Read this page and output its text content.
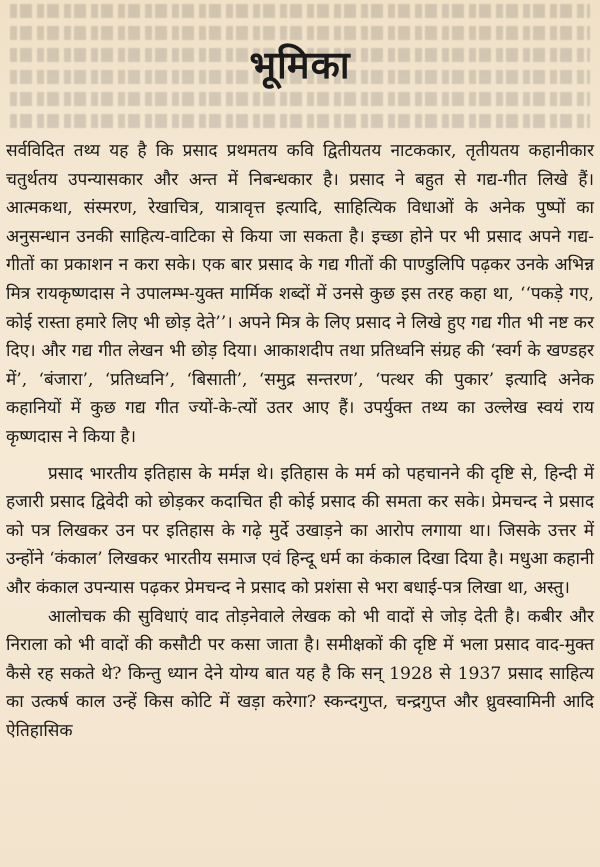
भूमिका

सर्वविदित तथ्य यह है कि प्रसाद प्रथमतय कवि द्वितीयतय नाटककार, तृतीयतय कहानीकार चतुर्थतय उपन्यासकार और अन्त में निबन्धकार है। प्रसाद ने बहुत से गद्य-गीत लिखे हैं। आत्मकथा, संस्मरण, रेखाचित्र, यात्रावृत्त इत्यादि, साहित्यिक विधाओं के अनेक पुष्पों का अनुसन्धान उनकी साहित्य-वाटिका से किया जा सकता है। इच्छा होने पर भी प्रसाद अपने गद्य-गीतों का प्रकाशन न करा सके। एक बार प्रसाद के गद्य गीतों की पाण्डुलिपि पढ़कर उनके अभिन्न मित्र रायकृष्णदास ने उपालम्भ-युक्त मार्मिक शब्दों में उनसे कुछ इस तरह कहा था, ‘‘पकड़े गए, कोई रास्ता हमारे लिए भी छोड़ देते’’। अपने मित्र के लिए प्रसाद ने लिखे हुए गद्य गीत भी नष्ट कर दिए। और गद्य गीत लेखन भी छोड़ दिया। आकाशदीप तथा प्रतिध्वनि संग्रह की ‘स्वर्ग के खण्डहर में’, ‘बंजारा’, ‘प्रतिध्वनि’, ‘बिसाती’, ‘समुद्र सन्तरण’, ‘पत्थर की पुकार’ इत्यादि अनेक कहानियों में कुछ गद्य गीत ज्यों-के-त्यों उतर आए हैं। उपर्युक्त तथ्य का उल्लेख स्वयं राय कृष्णदास ने किया है।

प्रसाद भारतीय इतिहास के मर्मज्ञ थे। इतिहास के मर्म को पहचानने की दृष्टि से, हिन्दी में हजारी प्रसाद द्विवेदी को छोड़कर कदाचित ही कोई प्रसाद की समता कर सके। प्रेमचन्द ने प्रसाद को पत्र लिखकर उन पर इतिहास के गढ़े मुर्दे उखाड़ने का आरोप लगाया था। जिसके उत्तर में उन्होंने ‘कंकाल’ लिखकर भारतीय समाज एवं हिन्दू धर्म का कंकाल दिखा दिया है। मधुआ कहानी और कंकाल उपन्यास पढ़कर प्रेमचन्द ने प्रसाद को प्रशंसा से भरा बधाई-पत्र लिखा था, अस्तु।

आलोचक की सुविधाएं वाद तोड़नेवाले लेखक को भी वादों से जोड़ देती है। कबीर और निराला को भी वादों की कसौटी पर कसा जाता है। समीक्षकों की दृष्टि में भला प्रसाद वाद-मुक्त कैसे रह सकते थे? किन्तु ध्यान देने योग्य बात यह है कि सन् 1928 से 1937 प्रसाद साहित्य का उत्कर्ष काल उन्हें किस कोटि में खड़ा करेगा? स्कन्दगुप्त, चन्द्रगुप्त और ध्रुवस्वामिनी आदि ऐतिहासिक
